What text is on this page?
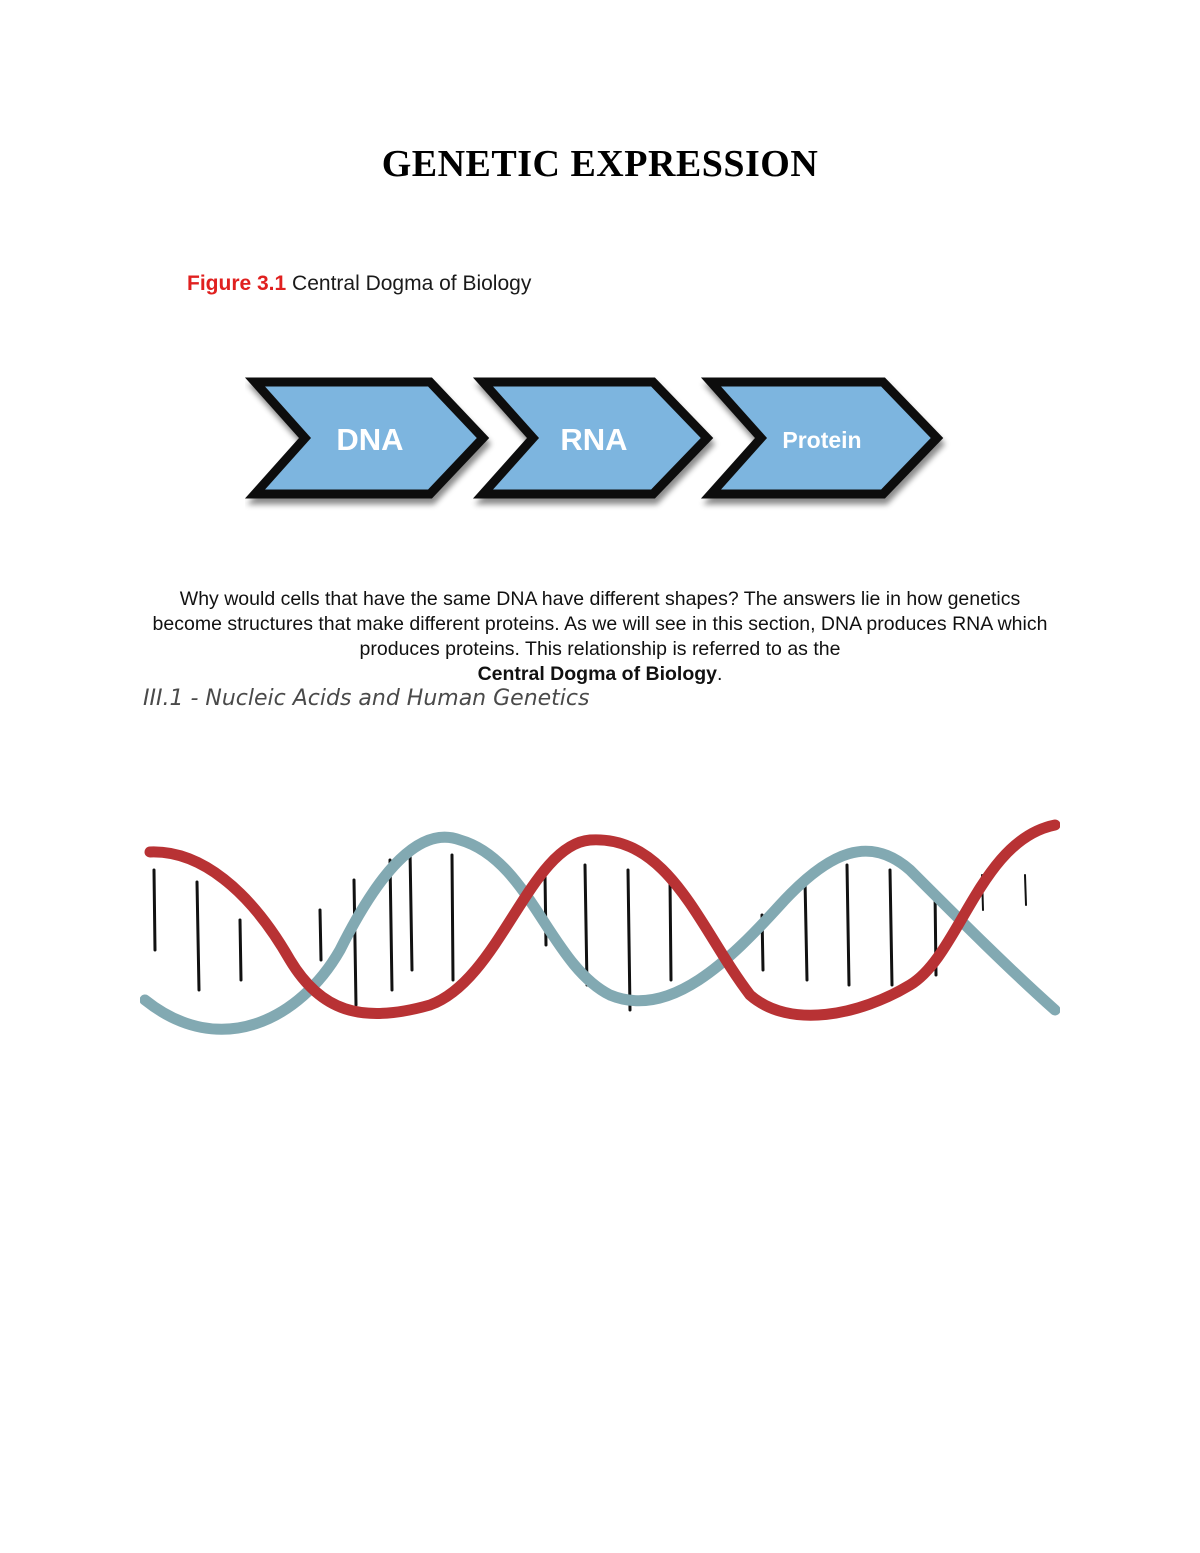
GENETIC EXPRESSION
Figure 3.1 Central Dogma of Biology
DNA	RNA	Protein

Why would cells that have the same DNA have different shapes? The answers lie in how genetics become structures that make different proteins. As we will see in this section, DNA produces RNA which produces proteins. This relationship is referred to as the
Central Dogma of Biology.

III.1 - Nucleic Acids and Human Genetics
